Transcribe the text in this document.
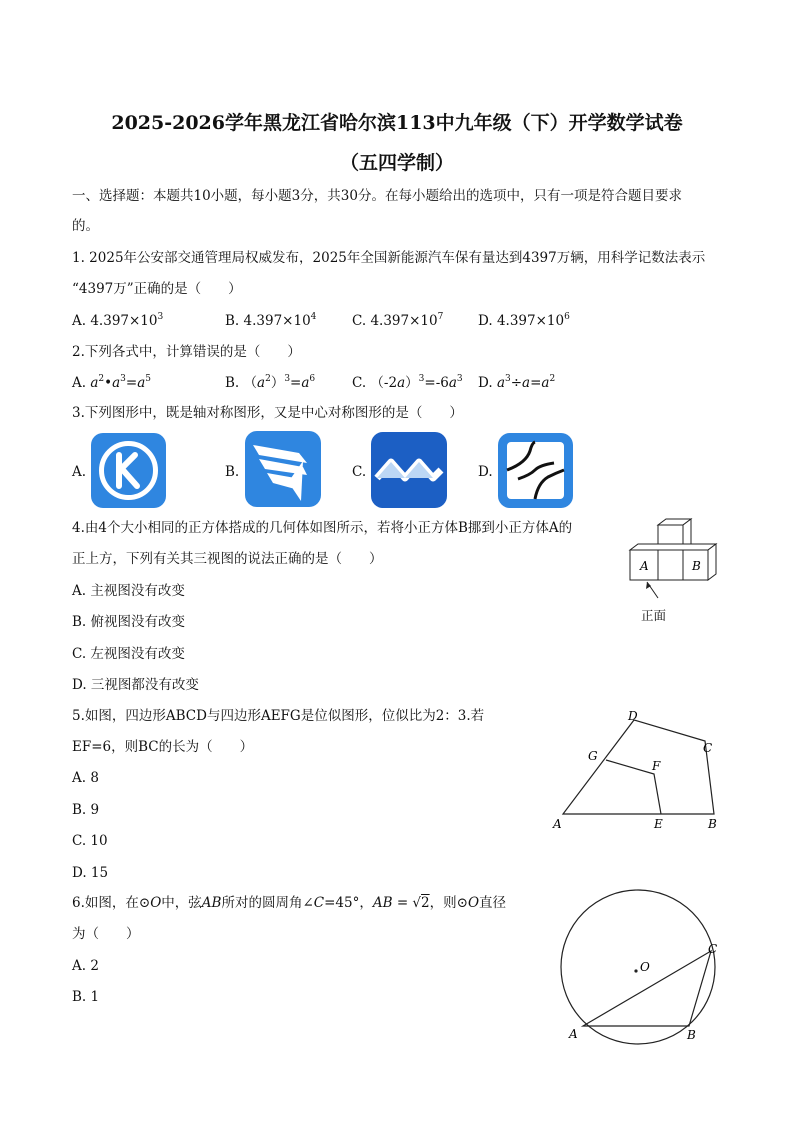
2025-2026学年黑龙江省哈尔滨113中九年级（下）开学数学试卷
（五四学制）
一、选择题：本题共10小题，每小题3分，共30分。在每小题给出的选项中，只有一项是符合题目要求
的。
1. 2025年公安部交通管理局权威发布，2025年全国新能源汽车保有量达到4397万辆，用科学记数法表示
“4397万”正确的是（　　）
A. $4.397\times 10^3$	B. $4.397\times 10^4$	C. $4.397\times 10^7$	D. $4.397\times 10^6$
2.下列各式中，计算错误的是（　　）
A. $a^2•a^3=a^5$	B. $(a^2)^3=a^6$	C. $(-2a)^3=-6a^3$ D. $a^3\div a=a^2$
3.下列图形中，既是轴对称图形，又是中心对称图形的是（　　）
A.	B.	C.	D.
4.由4个大小相同的正方体搭成的几何体如图所示，若将小正方体B挪到小正方体A的
正上方，下列有关其三视图的说法正确的是（　　）
A. 主视图没有改变
B. 俯视图没有改变
C. 左视图没有改变
D. 三视图都没有改变
A	B
正面
5.如图，四边形ABCD与四边形AEFG是位似图形，位似比为2：3.若
EF=6，则BC的长为（　　）
A. 8
B. 9
C. 10
D. 15
A	B
C
D
E
F
G
6.如图，在⊙O中，弦AB所对的圆周角∠C=45°，AB = √2，则⊙O直径
为（　　）
A. 2
B. 1
O
A	B
C
